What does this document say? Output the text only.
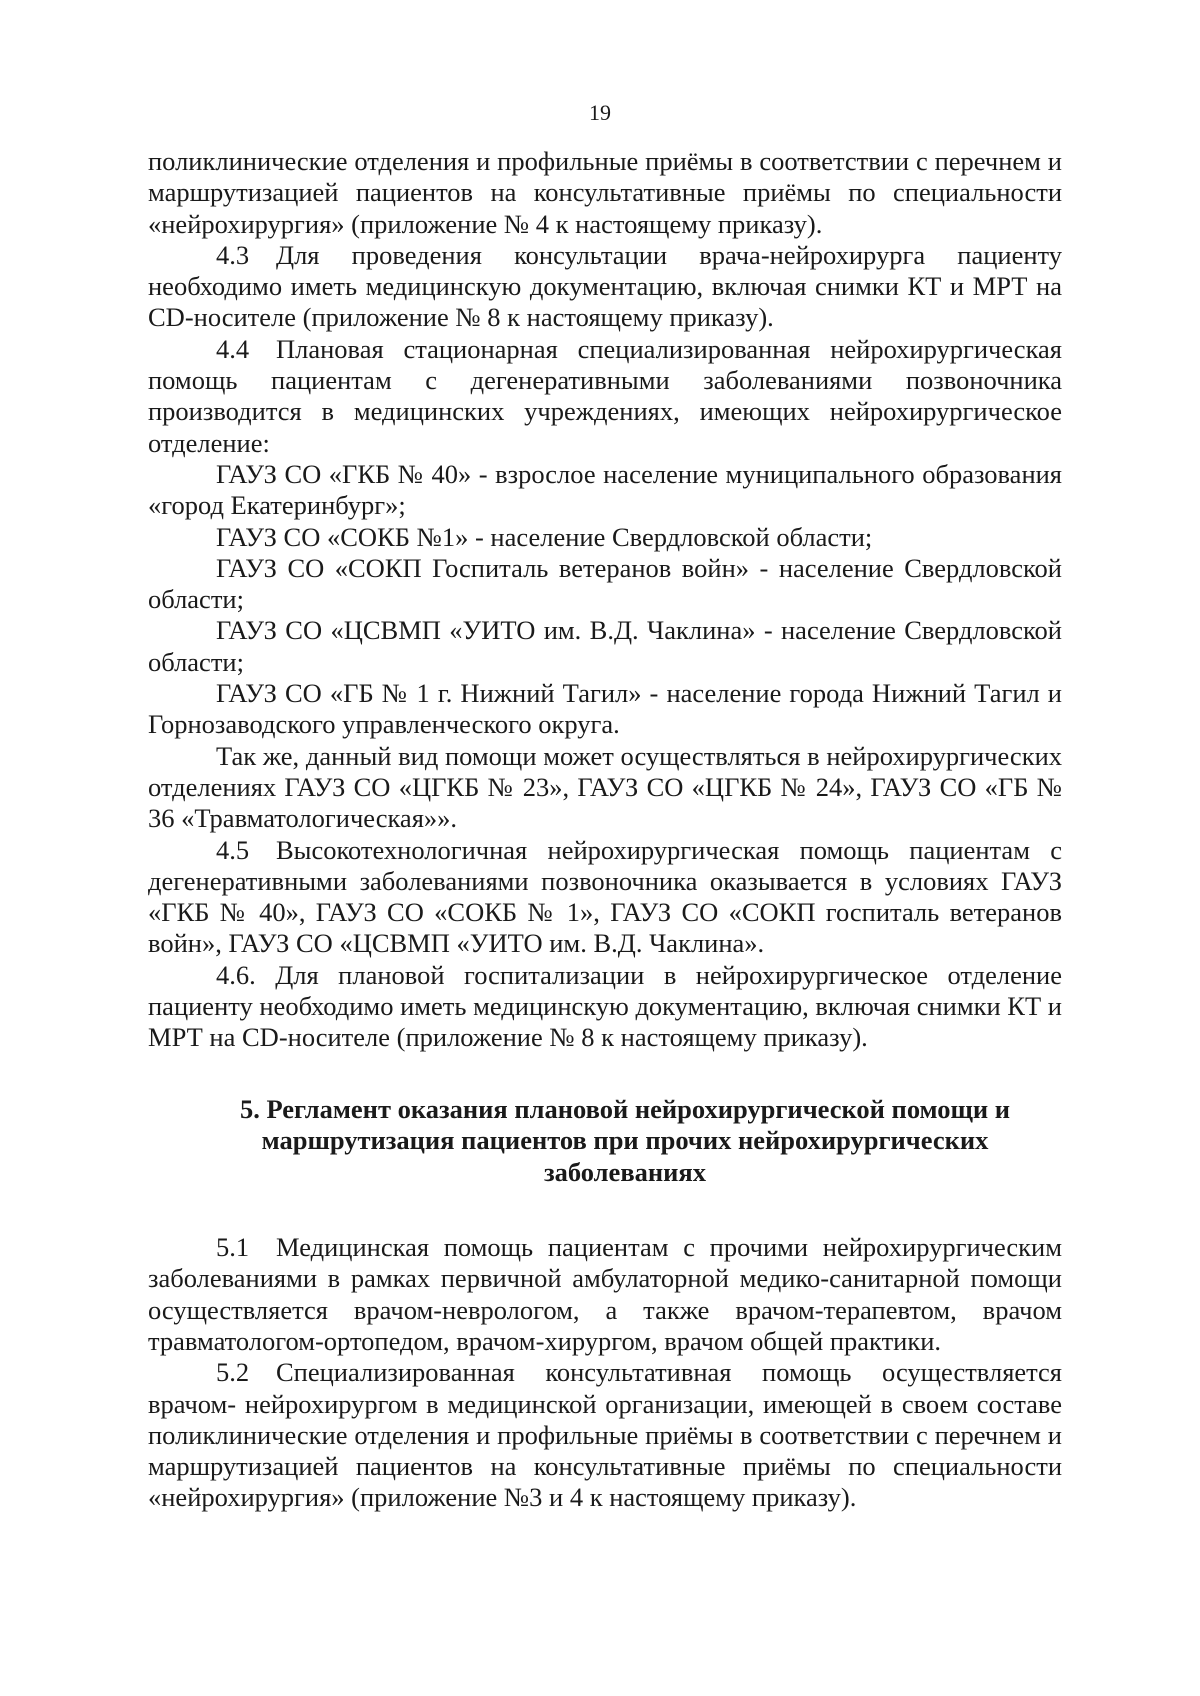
19

поликлинические отделения и профильные приёмы в соответствии с перечнем и маршрутизацией пациентов на консультативные приёмы по специальности «нейрохирургия» (приложение № 4 к настоящему приказу).

4.3 Для проведения консультации врача-нейрохирурга пациенту необходимо иметь медицинскую документацию, включая снимки КТ и МРТ на CD-носителе (приложение № 8 к настоящему приказу).

4.4 Плановая стационарная специализированная нейрохирургическая помощь пациентам с дегенеративными заболеваниями позвоночника производится в медицинских учреждениях, имеющих нейрохирургическое отделение:

ГАУЗ СО «ГКБ № 40» - взрослое население муниципального образования «город Екатеринбург»;

ГАУЗ СО «СОКБ №1» - население Свердловской области;

ГАУЗ СО «СОКП Госпиталь ветеранов войн» - население Свердловской области;

ГАУЗ СО «ЦСВМП «УИТО им. В.Д. Чаклина» - население Свердловской области;

ГАУЗ СО «ГБ № 1 г. Нижний Тагил» - население города Нижний Тагил и Горнозаводского управленческого округа.

Так же, данный вид помощи может осуществляться в нейрохирургических отделениях ГАУЗ СО «ЦГКБ № 23», ГАУЗ СО «ЦГКБ № 24», ГАУЗ СО «ГБ № 36 «Травматологическая»».

4.5 Высокотехнологичная нейрохирургическая помощь пациентам с дегенеративными заболеваниями позвоночника оказывается в условиях ГАУЗ «ГКБ № 40», ГАУЗ СО «СОКБ № 1», ГАУЗ СО «СОКП госпиталь ветеранов войн», ГАУЗ СО «ЦСВМП «УИТО им. В.Д. Чаклина».

4.6. Для плановой госпитализации в нейрохирургическое отделение пациенту необходимо иметь медицинскую документацию, включая снимки КТ и МРТ на CD-носителе (приложение № 8 к настоящему приказу).

5. Регламент оказания плановой нейрохирургической помощи и маршрутизация пациентов при прочих нейрохирургических заболеваниях

5.1 Медицинская помощь пациентам с прочими нейрохирургическим заболеваниями в рамках первичной амбулаторной медико-санитарной помощи осуществляется врачом-неврологом, а также врачом-терапевтом, врачом травматологом-ортопедом, врачом-хирургом, врачом общей практики.

5.2 Специализированная консультативная помощь осуществляется врачом- нейрохирургом в медицинской организации, имеющей в своем составе поликлинические отделения и профильные приёмы в соответствии с перечнем и маршрутизацией пациентов на консультативные приёмы по специальности «нейрохирургия» (приложение №3 и 4 к настоящему приказу).
